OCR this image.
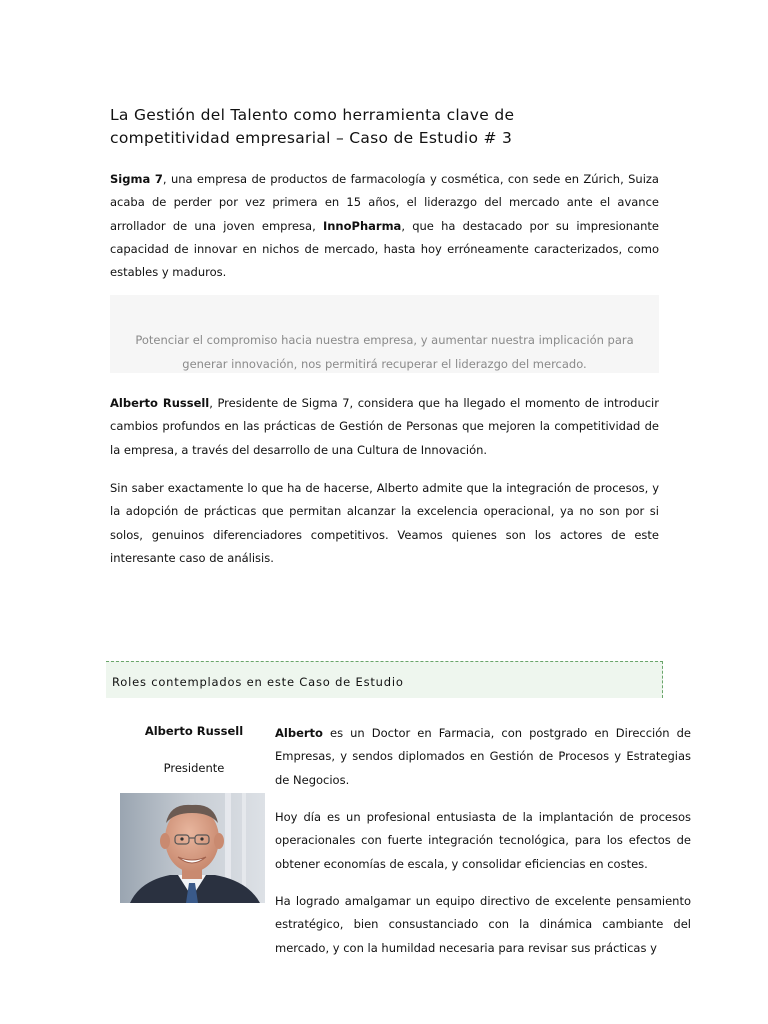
La Gestión del Talento como herramienta clave de
competitividad empresarial – Caso de Estudio # 3

Sigma 7, una empresa de productos de farmacología y cosmética, con sede en Zúrich, Suiza acaba de perder por vez primera en 15 años, el liderazgo del mercado ante el avance arrollador de una joven empresa, InnoPharma, que ha destacado por su impresionante capacidad de innovar en nichos de mercado, hasta hoy erróneamente caracterizados, como estables y maduros.

Potenciar el compromiso hacia nuestra empresa, y aumentar nuestra implicación para
generar innovación, nos permitirá recuperar el liderazgo del mercado.

Alberto Russell, Presidente de Sigma 7, considera que ha llegado el momento de introducir cambios profundos en las prácticas de Gestión de Personas que mejoren la competitividad de la empresa, a través del desarrollo de una Cultura de Innovación.

Sin saber exactamente lo que ha de hacerse, Alberto admite que la integración de procesos, y la adopción de prácticas que permitan alcanzar la excelencia operacional, ya no son por si solos, genuinos diferenciadores competitivos. Veamos quienes son los actores de este interesante caso de análisis.

Roles contemplados en este Caso de Estudio
Alberto Russell
Presidente

Alberto es un Doctor en Farmacia, con postgrado en Dirección de Empresas, y sendos diplomados en Gestión de Procesos y Estrategias de Negocios.

Hoy día es un profesional entusiasta de la implantación de procesos operacionales con fuerte integración tecnológica, para los efectos de obtener economías de escala, y consolidar eficiencias en costes.

Ha logrado amalgamar un equipo directivo de excelente pensamiento estratégico, bien consustanciado con la dinámica cambiante del mercado, y con la humildad necesaria para revisar sus prácticas y
